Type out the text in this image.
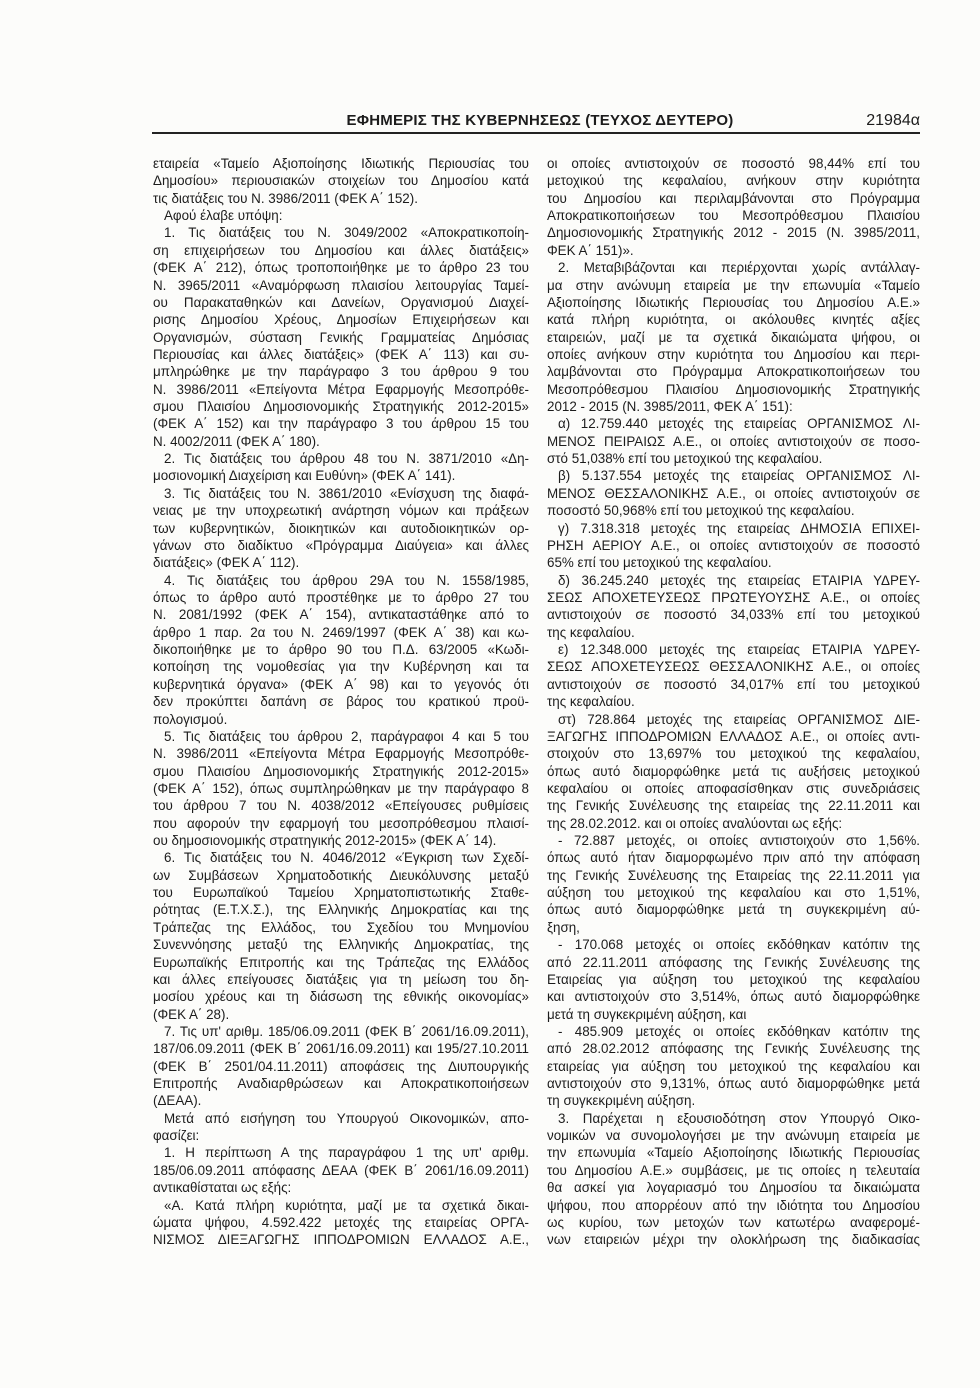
ΕΦΗΜΕΡΙΣ ΤΗΣ ΚΥΒΕΡΝΗΣΕΩΣ (ΤΕΥΧΟΣ ΔΕΥΤΕΡΟ)	21984α
εταιρεία «Ταμείο Αξιοποίησης Ιδιωτικής Περιουσίας του
Δημοσίου» περιουσιακών στοιχείων του Δημοσίου κατά
τις διατάξεις του Ν. 3986/2011 (ΦΕΚ Α΄ 152).
Αφού έλαβε υπόψη:
1. Τις διατάξεις του Ν. 3049/2002 «Αποκρατικοποίη-
ση επιχειρήσεων του Δημοσίου και άλλες διατάξεις»
(ΦΕΚ Α΄ 212), όπως τροποποιήθηκε με το άρθρο 23 του
Ν. 3965/2011 «Αναμόρφωση πλαισίου λειτουργίας Ταμεί-
ου Παρακαταθηκών και Δανείων, Οργανισμού Διαχεί-
ρισης Δημοσίου Χρέους, Δημοσίων Επιχειρήσεων και
Οργανισμών, σύσταση Γενικής Γραμματείας Δημόσιας
Περιουσίας και άλλες διατάξεις» (ΦΕΚ Α΄ 113) και συ-
μπληρώθηκε με την παράγραφο 3 του άρθρου 9 του
Ν. 3986/2011 «Επείγοντα Μέτρα Εφαρμογής Μεσοπρόθε-
σμου Πλαισίου Δημοσιονομικής Στρατηγικής 2012-2015»
(ΦΕΚ Α΄ 152) και την παράγραφο 3 του άρθρου 15 του
Ν. 4002/2011 (ΦΕΚ Α΄ 180).
2. Τις διατάξεις του άρθρου 48 του Ν. 3871/2010 «Δη-
μοσιονομική Διαχείριση και Ευθύνη» (ΦΕΚ Α΄ 141).
3. Τις διατάξεις του Ν. 3861/2010 «Ενίσχυση της διαφά-
νειας με την υποχρεωτική ανάρτηση νόμων και πράξεων
των κυβερνητικών, διοικητικών και αυτοδιοικητικών ορ-
γάνων στο διαδίκτυο «Πρόγραμμα Διαύγεια» και άλλες
διατάξεις» (ΦΕΚ Α΄ 112).
4. Τις διατάξεις του άρθρου 29Α του Ν. 1558/1985,
όπως το άρθρο αυτό προστέθηκε με το άρθρο 27 του
Ν. 2081/1992 (ΦΕΚ Α΄ 154), αντικαταστάθηκε από το
άρθρο 1 παρ. 2α του Ν. 2469/1997 (ΦΕΚ Α΄ 38) και κω-
δικοποιήθηκε με το άρθρο 90 του Π.Δ. 63/2005 «Κωδι-
κοποίηση της νομοθεσίας για την Κυβέρνηση και τα
κυβερνητικά όργανα» (ΦΕΚ Α΄ 98) και το γεγονός ότι
δεν προκύπτει δαπάνη σε βάρος του κρατικού προϋ-
πολογισμού.
5. Τις διατάξεις του άρθρου 2, παράγραφοι 4 και 5 του
Ν. 3986/2011 «Επείγοντα Μέτρα Εφαρμογής Μεσοπρόθε-
σμου Πλαισίου Δημοσιονομικής Στρατηγικής 2012-2015»
(ΦΕΚ Α΄ 152), όπως συμπληρώθηκαν με την παράγραφο 8
του άρθρου 7 του Ν. 4038/2012 «Επείγουσες ρυθμίσεις
που αφορούν την εφαρμογή του μεσοπρόθεσμου πλαισί-
ου δημοσιονομικής στρατηγικής 2012-2015» (ΦΕΚ Α΄ 14).
6. Τις διατάξεις του Ν. 4046/2012 «Έγκριση των Σχεδί-
ων Συμβάσεων Χρηματοδοτικής Διευκόλυνσης μεταξύ
του Ευρωπαϊκού Ταμείου Χρηματοπιστωτικής Σταθε-
ρότητας (Ε.Τ.Χ.Σ.), της Ελληνικής Δημοκρατίας και της
Τράπεζας της Ελλάδος, του Σχεδίου του Μνημονίου
Συνεννόησης μεταξύ της Ελληνικής Δημοκρατίας, της
Ευρωπαϊκής Επιτροπής και της Τράπεζας της Ελλάδος
και άλλες επείγουσες διατάξεις για τη μείωση του δη-
μοσίου χρέους και τη διάσωση της εθνικής οικονομίας»
(ΦΕΚ Α΄ 28).
7. Τις υπ' αριθμ. 185/06.09.2011 (ΦΕΚ Β΄ 2061/16.09.2011),
187/06.09.2011 (ΦΕΚ Β΄ 2061/16.09.2011) και 195/27.10.2011
(ΦΕΚ Β΄ 2501/04.11.2011) αποφάσεις της Διυπουργικής
Επιτροπής Αναδιαρθρώσεων και Αποκρατικοποιήσεων
(ΔΕΑΑ).
Μετά από εισήγηση του Υπουργού Οικονομικών, απο-
φασίζει:
1. Η περίπτωση Α της παραγράφου 1 της υπ' αριθμ.
185/06.09.2011 απόφασης ΔΕΑΑ (ΦΕΚ Β΄ 2061/16.09.2011)
αντικαθίσταται ως εξής:
«Α. Κατά πλήρη κυριότητα, μαζί με τα σχετικά δικαι-
ώματα ψήφου, 4.592.422 μετοχές της εταιρείας ΟΡΓΑ-
ΝΙΣΜΟΣ ΔΙΕΞΑΓΩΓΗΣ ΙΠΠΟΔΡΟΜΙΩΝ ΕΛΛΑΔΟΣ Α.Ε.,
οι οποίες αντιστοιχούν σε ποσοστό 98,44% επί του
μετοχικού της κεφαλαίου, ανήκουν στην κυριότητα
του Δημοσίου και περιλαμβάνονται στο Πρόγραμμα
Αποκρατικοποιήσεων του Μεσοπρόθεσμου Πλαισίου
Δημοσιονομικής Στρατηγικής 2012 - 2015 (Ν. 3985/2011,
ΦΕΚ Α΄ 151)».
2. Μεταβιβάζονται και περιέρχονται χωρίς αντάλλαγ-
μα στην ανώνυμη εταιρεία με την επωνυμία «Ταμείο
Αξιοποίησης Ιδιωτικής Περιουσίας του Δημοσίου Α.Ε.»
κατά πλήρη κυριότητα, οι ακόλουθες κινητές αξίες
εταιρειών, μαζί με τα σχετικά δικαιώματα ψήφου, οι
οποίες ανήκουν στην κυριότητα του Δημοσίου και περι-
λαμβάνονται στο Πρόγραμμα Αποκρατικοποιήσεων του
Μεσοπρόθεσμου Πλαισίου Δημοσιονομικής Στρατηγικής
2012 - 2015 (Ν. 3985/2011, ΦΕΚ Α΄ 151):
α) 12.759.440 μετοχές της εταιρείας ΟΡΓΑΝΙΣΜΟΣ ΛΙ-
ΜΕΝΟΣ ΠΕΙΡΑΙΩΣ Α.Ε., οι οποίες αντιστοιχούν σε ποσο-
στό 51,038% επί του μετοχικού της κεφαλαίου.
β) 5.137.554 μετοχές της εταιρείας ΟΡΓΑΝΙΣΜΟΣ ΛΙ-
ΜΕΝΟΣ ΘΕΣΣΑΛΟΝΙΚΗΣ Α.Ε., οι οποίες αντιστοιχούν σε
ποσοστό 50,968% επί του μετοχικού της κεφαλαίου.
γ) 7.318.318 μετοχές της εταιρείας ΔΗΜΟΣΙΑ ΕΠΙΧΕΙ-
ΡΗΣΗ ΑΕΡΙΟΥ Α.Ε., οι οποίες αντιστοιχούν σε ποσοστό
65% επί του μετοχικού της κεφαλαίου.
δ) 36.245.240 μετοχές της εταιρείας ΕΤΑΙΡΙΑ ΥΔΡΕΥ-
ΣΕΩΣ ΑΠΟΧΕΤΕΥΣΕΩΣ ΠΡΩΤΕΥΟΥΣΗΣ Α.Ε., οι οποίες
αντιστοιχούν σε ποσοστό 34,033% επί του μετοχικού
της κεφαλαίου.
ε) 12.348.000 μετοχές της εταιρείας ΕΤΑΙΡΙΑ ΥΔΡΕΥ-
ΣΕΩΣ ΑΠΟΧΕΤΕΥΣΕΩΣ ΘΕΣΣΑΛΟΝΙΚΗΣ Α.Ε., οι οποίες
αντιστοιχούν σε ποσοστό 34,017% επί του μετοχικού
της κεφαλαίου.
στ) 728.864 μετοχές της εταιρείας ΟΡΓΑΝΙΣΜΟΣ ΔΙΕ-
ΞΑΓΩΓΗΣ ΙΠΠΟΔΡΟΜΙΩΝ ΕΛΛΑΔΟΣ Α.Ε., οι οποίες αντι-
στοιχούν στο 13,697% του μετοχικού της κεφαλαίου,
όπως αυτό διαμορφώθηκε μετά τις αυξήσεις μετοχικού
κεφαλαίου οι οποίες αποφασίσθηκαν στις συνεδριάσεις
της Γενικής Συνέλευσης της εταιρείας της 22.11.2011 και
της 28.02.2012. και οι οποίες αναλύονται ως εξής:
- 72.887 μετοχές, οι οποίες αντιστοιχούν στο 1,56%.
όπως αυτό ήταν διαμορφωμένο πριν από την απόφαση
της Γενικής Συνέλευσης της Εταιρείας της 22.11.2011 για
αύξηση του μετοχικού της κεφαλαίου και στο 1,51%,
όπως αυτό διαμορφώθηκε μετά τη συγκεκριμένη αύ-
ξηση,
- 170.068 μετοχές οι οποίες εκδόθηκαν κατόπιν της
από 22.11.2011 απόφασης της Γενικής Συνέλευσης της
Εταιρείας για αύξηση του μετοχικού της κεφαλαίου
και αντιστοιχούν στο 3,514%, όπως αυτό διαμορφώθηκε
μετά τη συγκεκριμένη αύξηση, και
- 485.909 μετοχές οι οποίες εκδόθηκαν κατόπιν της
από 28.02.2012 απόφασης της Γενικής Συνέλευσης της
εταιρείας για αύξηση του μετοχικού της κεφαλαίου και
αντιστοιχούν στο 9,131%, όπως αυτό διαμορφώθηκε μετά
τη συγκεκριμένη αύξηση.
3. Παρέχεται η εξουσιοδότηση στον Υπουργό Οικο-
νομικών να συνομολογήσει με την ανώνυμη εταιρεία με
την επωνυμία «Ταμείο Αξιοποίησης Ιδιωτικής Περιουσίας
του Δημοσίου Α.Ε.» συμβάσεις, με τις οποίες η τελευταία
θα ασκεί για λογαριασμό του Δημοσίου τα δικαιώματα
ψήφου, που απορρέουν από την ιδιότητα του Δημοσίου
ως κυρίου, των μετοχών των κατωτέρω αναφερομέ-
νων εταιρειών μέχρι την ολοκλήρωση της διαδικασίας
